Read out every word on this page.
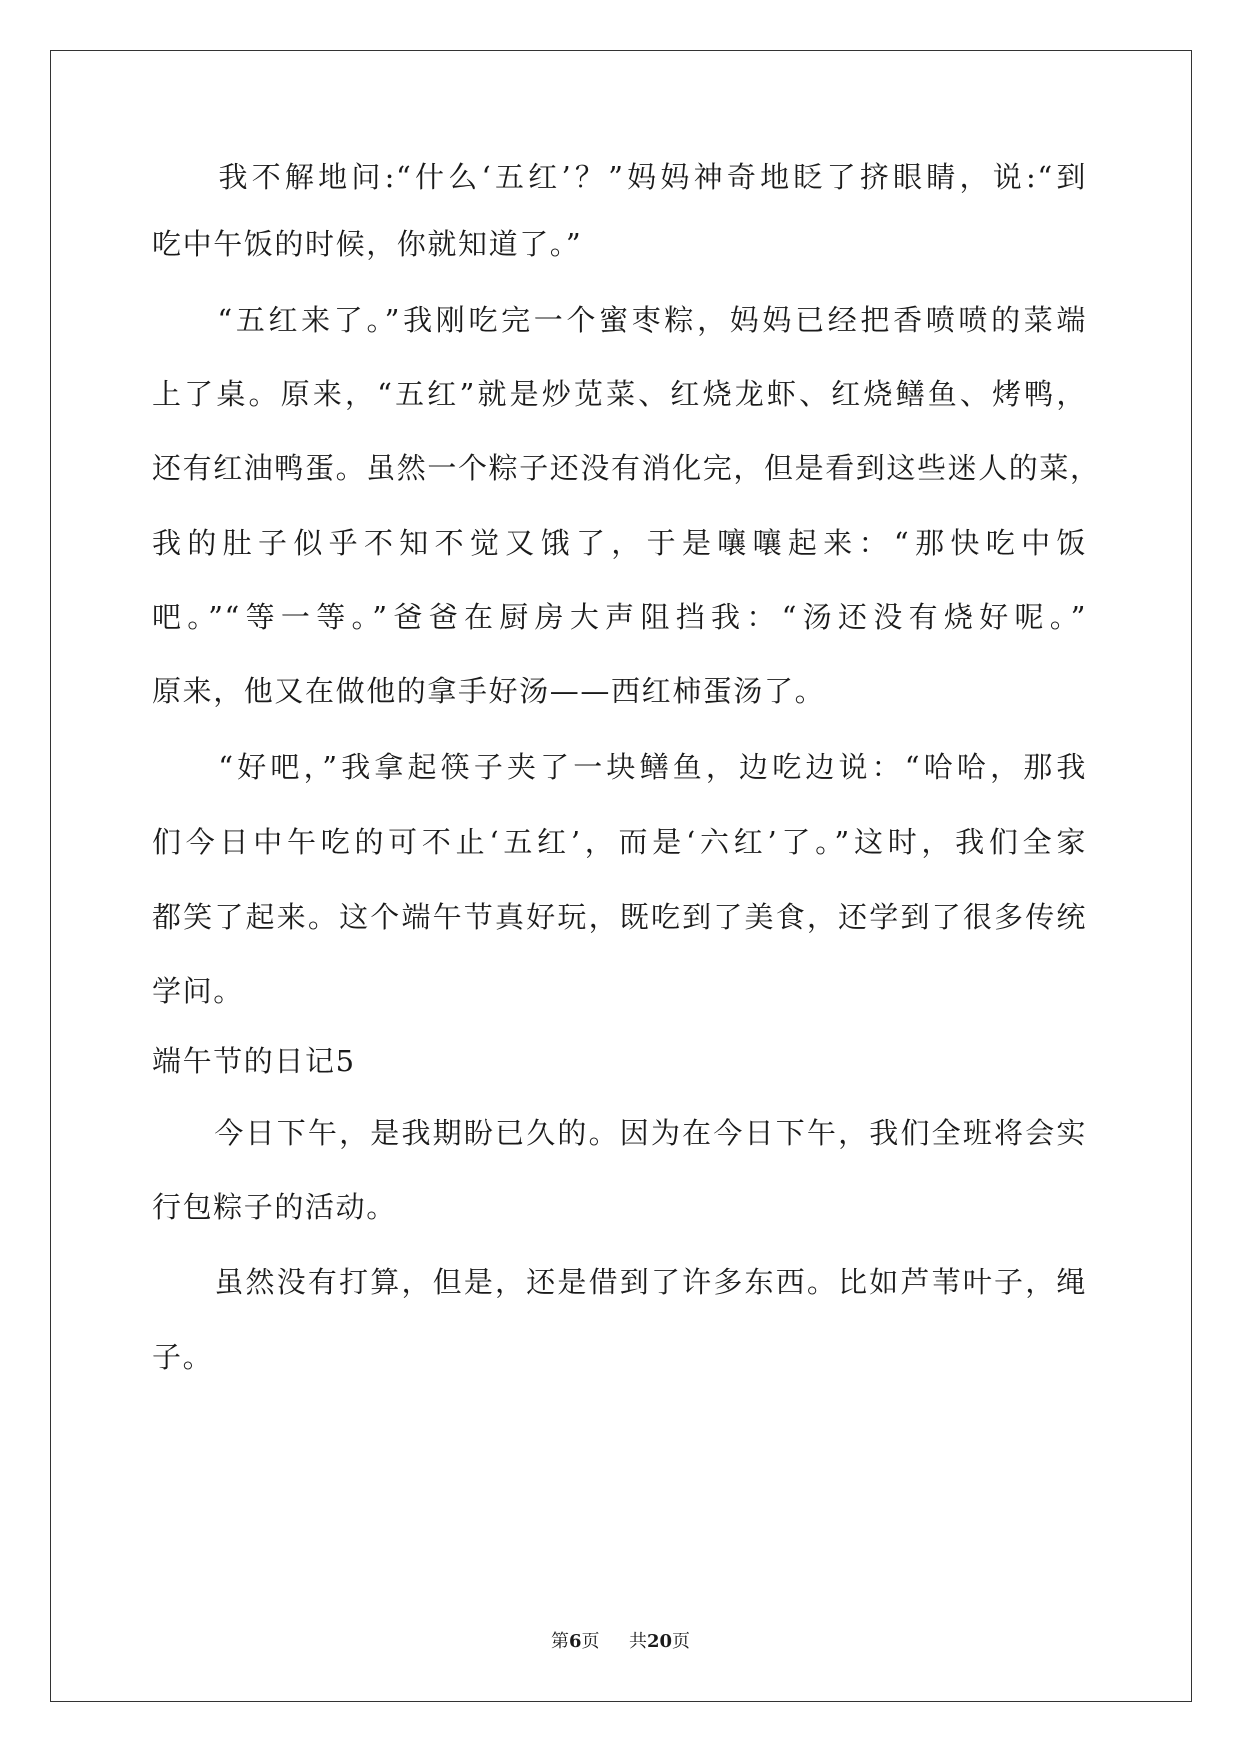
　　我不解地问:“什么‘五红’？”妈妈神奇地眨了挤眼睛，说:“到

吃中午饭的时候，你就知道了。”

　　“五红来了。”我刚吃完一个蜜枣粽，妈妈已经把香喷喷的菜端

上了桌。原来，“五红”就是炒苋菜、红烧龙虾、红烧鳝鱼、烤鸭，

还有红油鸭蛋。虽然一个粽子还没有消化完，但是看到这些迷人的菜，

我的肚子似乎不知不觉又饿了，于是嚷嚷起来：“那快吃中饭

吧。”“等一等。”爸爸在厨房大声阻挡我：“汤还没有烧好呢。”

原来，他又在做他的拿手好汤——西红柿蛋汤了。

　　“好吧，”我拿起筷子夹了一块鳝鱼，边吃边说：“哈哈，那我

们今日中午吃的可不止‘五红’，而是‘六红’了。”这时，我们全家

都笑了起来。这个端午节真好玩，既吃到了美食，还学到了很多传统

学问。

端午节的日记5

　　今日下午，是我期盼已久的。因为在今日下午，我们全班将会实

行包粽子的活动。

　　虽然没有打算，但是，还是借到了许多东西。比如芦苇叶子，绳

子。

第6页 共20页
